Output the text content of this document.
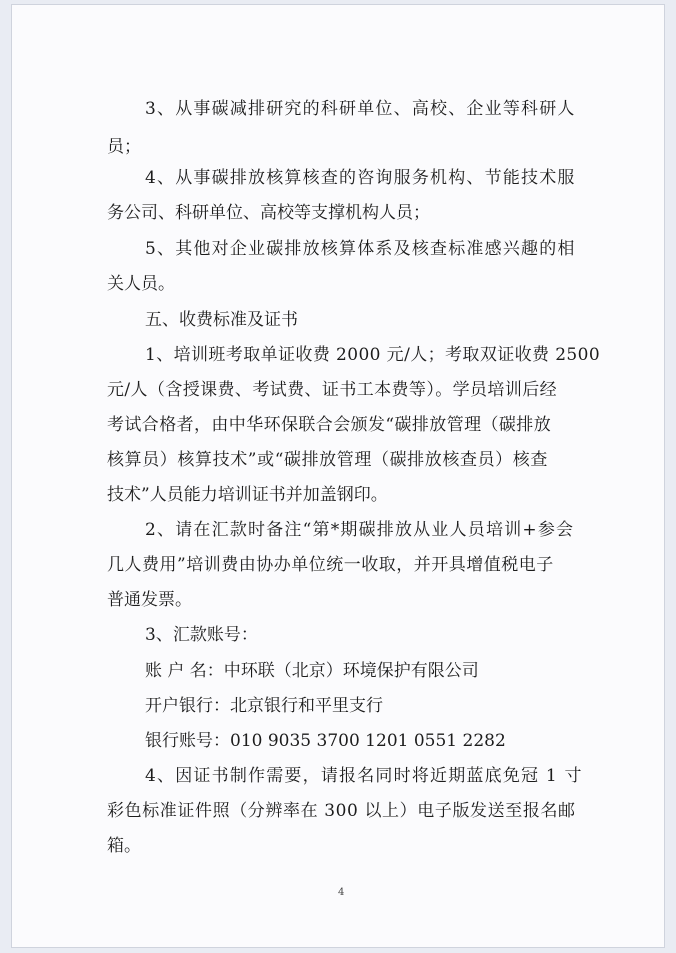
3、从事碳减排研究的科研单位、高校、企业等科研人
员；
4、从事碳排放核算核查的咨询服务机构、节能技术服
务公司、科研单位、高校等支撑机构人员；
5、其他对企业碳排放核算体系及核查标准感兴趣的相
关人员。
五、收费标准及证书
1、培训班考取单证收费 2000 元/人；考取双证收费 2500
元/人（含授课费、考试费、证书工本费等）。学员培训后经
考试合格者，由中华环保联合会颁发“碳排放管理（碳排放
核算员）核算技术”或“碳排放管理（碳排放核查员）核查
技术”人员能力培训证书并加盖钢印。
2、请在汇款时备注“第*期碳排放从业人员培训+参会
几人费用”培训费由协办单位统一收取，并开具增值税电子
普通发票。
3、汇款账号：
账 户 名：中环联（北京）环境保护有限公司
开户银行：北京银行和平里支行
银行账号：010 9035 3700 1201 0551 2282
4、因证书制作需要，请报名同时将近期蓝底免冠 1 寸
彩色标准证件照（分辨率在 300 以上）电子版发送至报名邮
箱。
4
